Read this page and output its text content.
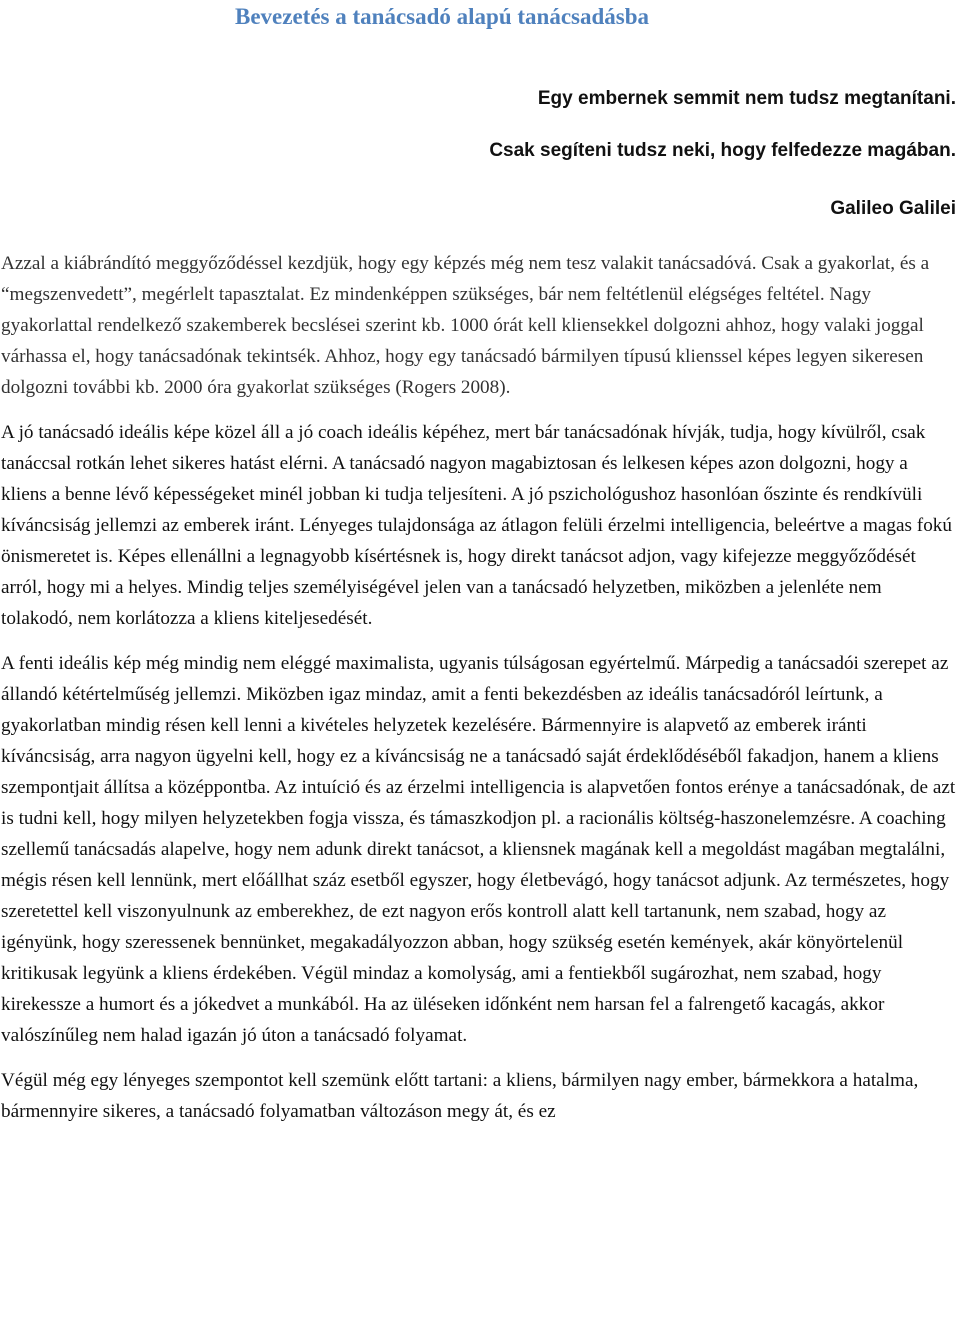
Bevezetés a tanácsadó alapú tanácsadásba
Egy embernek semmit nem tudsz megtanítani.
Csak segíteni tudsz neki, hogy felfedezze magában.
Galileo Galilei

Azzal a kiábrándító meggyőződéssel kezdjük, hogy egy képzés még nem tesz valakit tanácsadóvá. Csak a gyakorlat, és a “megszenvedett”, megérlelt tapasztalat. Ez mindenképpen szükséges, bár nem feltétlenül elégséges feltétel. Nagy gyakorlattal rendelkező szakemberek becslései szerint kb. 1000 órát kell kliensekkel dolgozni ahhoz, hogy valaki joggal várhassa el, hogy tanácsadónak tekintsék. Ahhoz, hogy egy tanácsadó bármilyen típusú klienssel képes legyen sikeresen dolgozni további kb. 2000 óra gyakorlat szükséges (Rogers 2008).

A jó tanácsadó ideális képe közel áll a jó coach ideális képéhez, mert bár tanácsadónak hívják, tudja, hogy kívülről, csak tanáccsal rotkán lehet sikeres hatást elérni. A tanácsadó nagyon magabiztosan és lelkesen képes azon dolgozni, hogy a kliens a benne lévő képességeket minél jobban ki tudja teljesíteni. A jó pszichológushoz hasonlóan őszinte és rendkívüli kíváncsiság jellemzi az emberek iránt. Lényeges tulajdonsága az átlagon felüli érzelmi intelligencia, beleértve a magas fokú önismeretet is. Képes ellenállni a legnagyobb kísértésnek is, hogy direkt tanácsot adjon, vagy kifejezze meggyőződését arról, hogy mi a helyes. Mindig teljes személyiségével jelen van a tanácsadó helyzetben, miközben a jelenléte nem tolakodó, nem korlátozza a kliens kiteljesedését.

A fenti ideális kép még mindig nem eléggé maximalista, ugyanis túlságosan egyértelmű. Márpedig a tanácsadói szerepet az állandó kétértelműség jellemzi. Miközben igaz mindaz, amit a fenti bekezdésben az ideális tanácsadóról leírtunk, a gyakorlatban mindig résen kell lenni a kivételes helyzetek kezelésére. Bármennyire is alapvető az emberek iránti kíváncsiság, arra nagyon ügyelni kell, hogy ez a kíváncsiság ne a tanácsadó saját érdeklődéséből fakadjon, hanem a kliens szempontjait állítsa a középpontba. Az intuíció és az érzelmi intelligencia is alapvetően fontos erénye a tanácsadónak, de azt is tudni kell, hogy milyen helyzetekben fogja vissza, és támaszkodjon pl. a racionális költség-haszonelemzésre. A coaching szellemű tanácsadás alapelve, hogy nem adunk direkt tanácsot, a kliensnek magának kell a megoldást magában megtalálni, mégis résen kell lennünk, mert előállhat száz esetből egyszer, hogy életbevágó, hogy tanácsot adjunk. Az természetes, hogy szeretettel kell viszonyulnunk az emberekhez, de ezt nagyon erős kontroll alatt kell tartanunk, nem szabad, hogy az igényünk, hogy szeressenek bennünket, megakadályozzon abban, hogy szükség esetén kemények, akár könyörtelenül kritikusak legyünk a kliens érdekében. Végül mindaz a komolyság, ami a fentiekből sugározhat, nem szabad, hogy kirekessze a humort és a jókedvet a munkából. Ha az üléseken időnként nem harsan fel a falrengető kacagás, akkor valószínűleg nem halad igazán jó úton a tanácsadó folyamat.

Végül még egy lényeges szempontot kell szemünk előtt tartani: a kliens, bármilyen nagy ember, bármekkora a hatalma, bármennyire sikeres, a tanácsadó folyamatban változáson megy át, és ez
